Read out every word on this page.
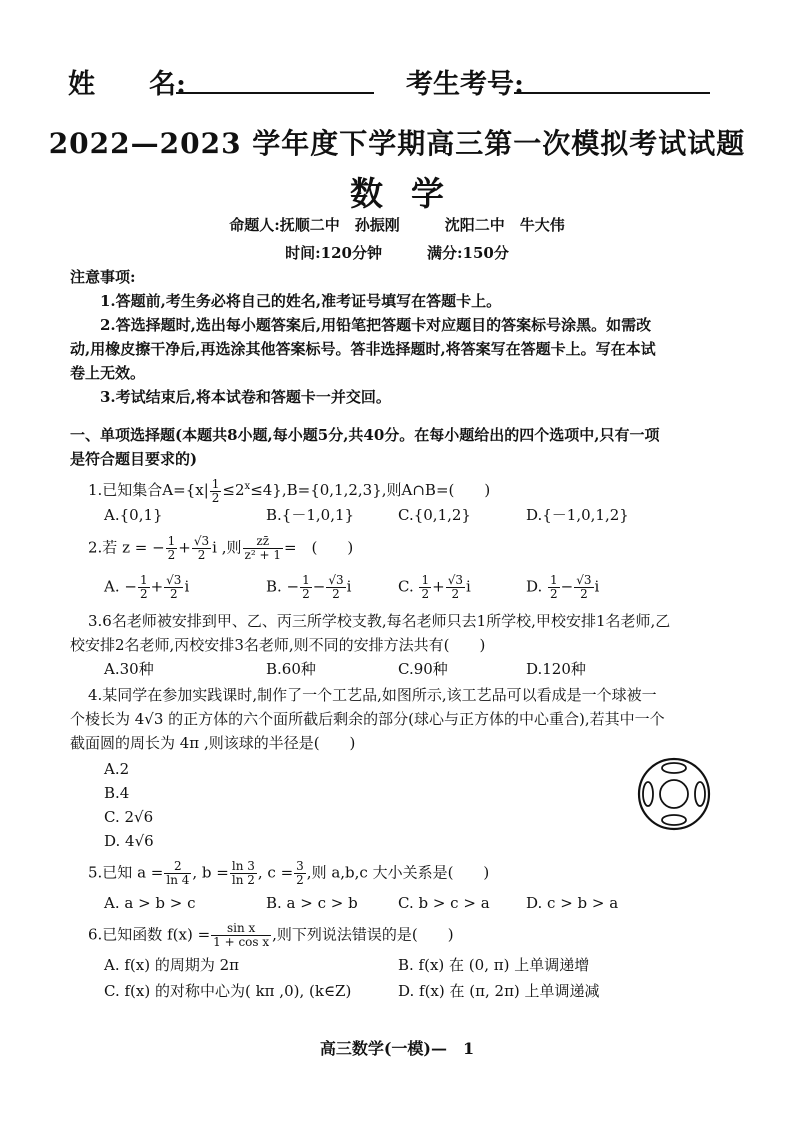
姓　　名:	考生考号:
2022—2023 学年度下学期高三第一次模拟考试试题
数学
命题人:抚顺二中　孙振刚　　　沈阳二中　牛大伟
时间:120分钟　　　满分:150分
注意事项:
1.答题前,考生务必将自己的姓名,准考证号填写在答题卡上。
2.答选择题时,选出每小题答案后,用铅笔把答题卡对应题目的答案标号涂黑。如需改
动,用橡皮擦干净后,再选涂其他答案标号。答非选择题时,将答案写在答题卡上。写在本试
卷上无效。
3.考试结束后,将本试卷和答题卡一并交回。
一、单项选择题(本题共8小题,每小题5分,共40分。在每小题给出的四个选项中,只有一项
是符合题目要求的)
1.已知集合$A=\{x| \frac{1}{2} \le 2^x\le 4\},B=\{0,1,2,3\}$,则A∩B=(　　)
A.{0,1}	B.{－1,0,1}	C.{0,1,2}	D.{－1,0,1,2}
2.若 z = − $\frac{1}{2} + \frac{√3}{2}$ i ,则 $\frac{zz̄}{\text{z² + 1}}$ =　(　　)
A. − $\frac{1}{2} + \frac{√3}{2}$ i	B. − $\frac{1}{2} - \frac{√3}{2}$ i	C. $\frac{1}{2} + \frac{√3}{2}$ i	D. $\frac{1}{2} - \frac{√3}{2}$ i
3.6名老师被安排到甲、乙、丙三所学校支教,每名老师只去1所学校,甲校安排1名老师,乙
校安排2名老师,丙校安排3名老师,则不同的安排方法共有(　　)
A.30种	B.60种	C.90种	D.120种
4.某同学在参加实践课时,制作了一个工艺品,如图所示,该工艺品可以看成是一个球被一
个棱长为 4√3 的正方体的六个面所截后剩余的部分(球心与正方体的中心重合),若其中一个
截面圆的周长为 4π ,则该球的半径是(　　)
A.2
B.4
C. 2√6
D. 4√6
5.已知 $a = \frac{2}{\ln 4}$ , $b = \frac{\ln 3}{\ln 2}$ , $c = \frac{3}{2}$ ,则 a,b,c 大小关系是(　　)
A. a > b > c	B. a > c > b	C. b > c > a D. c > b > a
6.已知函数 $f(x) = \frac{\text{sin x}}{\text{1 + cos x}}$ ,则下列说法错误的是(　　)
A. f(x) 的周期为 2π	B. f(x) 在 (0, π) 上单调递增
C. f(x) 的对称中心为( kπ ,0), (k∈Z)	D. f(x) 在 (π, 2π) 上单调递减
高三数学(一模)—　1
